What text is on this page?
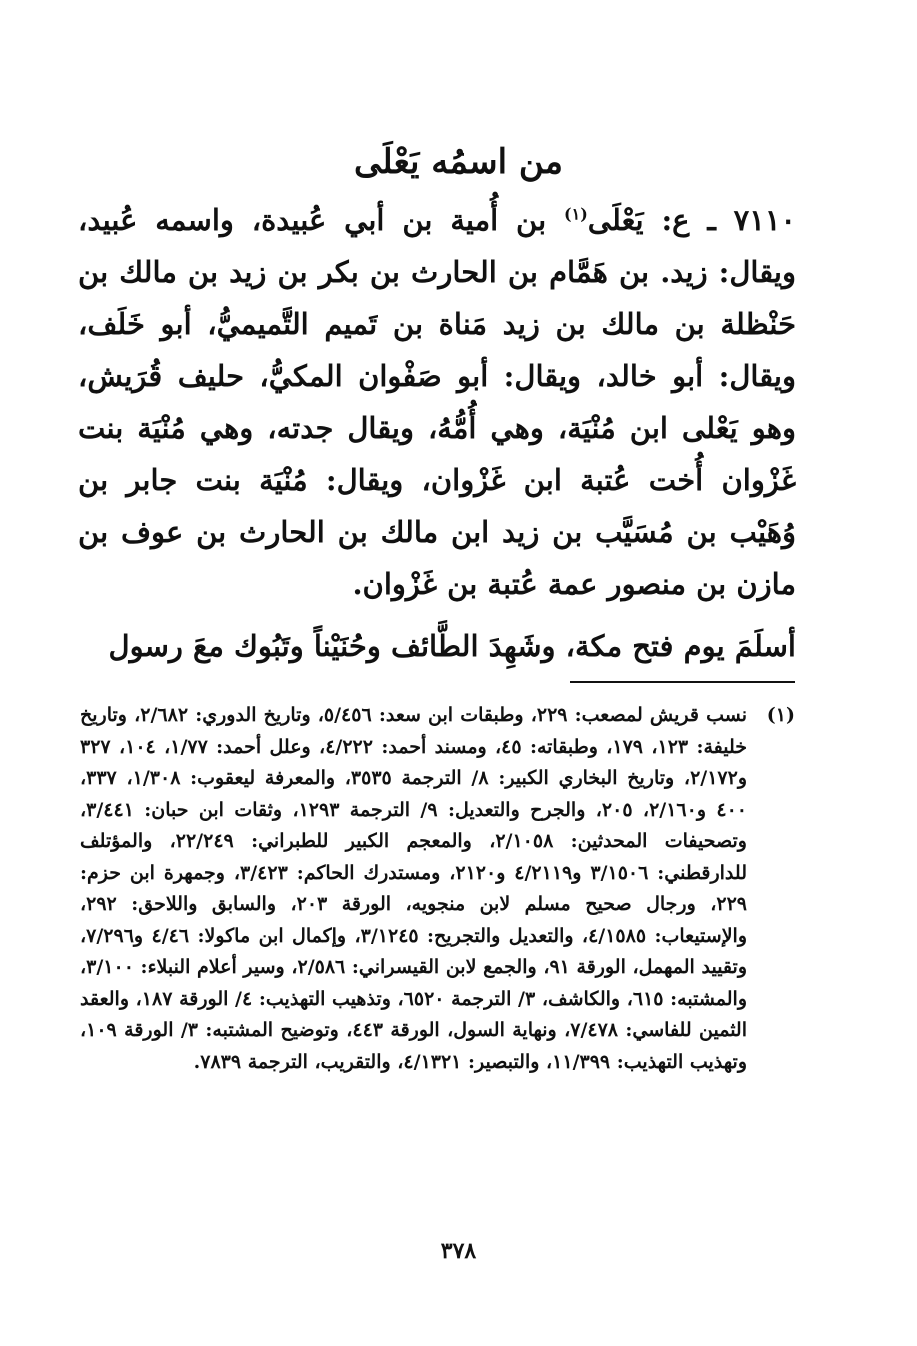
من اسمُه يَعْلَى

٧١١٠ ـ ع: يَعْلَى$^{(١)}$ بن أُمية بن أبي عُبيدة، واسمه عُبيد، ويقال: زيد. بن هَمَّام بن الحارث بن بكر بن زيد بن مالك بن حَنْظلة بن مالك بن زيد مَناة بن تَميم التَّميميُّ، أبو خَلَف، ويقال: أبو خالد، ويقال: أبو صَفْوان المكيُّ، حليف قُرَيش، وهو يَعْلى ابن مُنْيَة، وهي أُمُّهُ، ويقال جدته، وهي مُنْيَة بنت غَزْوان أُخت عُتبة ابن غَزْوان، ويقال: مُنْيَة بنت جابر بن وُهَيْب بن مُسَيَّب بن زيد ابن مالك بن الحارث بن عوف بن مازن بن منصور عمة عُتبة بن غَزْوان.

أسلَمَ يوم فتح مكة، وشَهِدَ الطَّائف وحُنَيْناً وتَبُوك معَ رسول

(١)
نسب قريش لمصعب: ٢٢٩، وطبقات ابن سعد: ٥/٤٥٦، وتاريخ الدوري: ٢/٦٨٢، وتاريخ خليفة: ١٢٣، ١٧٩، وطبقاته: ٤٥، ومسند أحمد: ٤/٢٢٢، وعلل أحمد: ١/٧٧، ١٠٤، ٣٢٧ و٢/١٧٢، وتاريخ البخاري الكبير: ٨/ الترجمة ٣٥٣٥، والمعرفة ليعقوب: ١/٣٠٨، ٣٣٧، ٤٠٠ و٢/١٦٠، ٢٠٥، والجرح والتعديل: ٩/ الترجمة ١٢٩٣، وثقات ابن حبان: ٣/٤٤١، وتصحيفات المحدثين: ٢/١٠٥٨، والمعجم الكبير للطبراني: ٢٢/٢٤٩، والمؤتلف للدارقطني: ٣/١٥٠٦ و٤/٢١١٩ و٢١٢٠، ومستدرك الحاكم: ٣/٤٢٣، وجمهرة ابن حزم: ٢٢٩، ورجال صحيح مسلم لابن منجويه، الورقة ٢٠٣، والسابق واللاحق: ٢٩٢، والإستيعاب: ٤/١٥٨٥، والتعديل والتجريح: ٣/١٢٤٥، وإكمال ابن ماكولا: ٤/٤٦ و٧/٢٩٦، وتقييد المهمل، الورقة ٩١، والجمع لابن القيسراني: ٢/٥٨٦، وسير أعلام النبلاء: ٣/١٠٠، والمشتبه: ٦١٥، والكاشف، ٣/ الترجمة ٦٥٢٠، وتذهيب التهذيب: ٤/ الورقة ١٨٧، والعقد الثمين للفاسي: ٧/٤٧٨، ونهاية السول، الورقة ٤٤٣، وتوضيح المشتبه: ٣/ الورقة ١٠٩، وتهذيب التهذيب: ١١/٣٩٩، والتبصير: ٤/١٣٢١، والتقريب، الترجمة ٧٨٣٩.
٣٧٨
